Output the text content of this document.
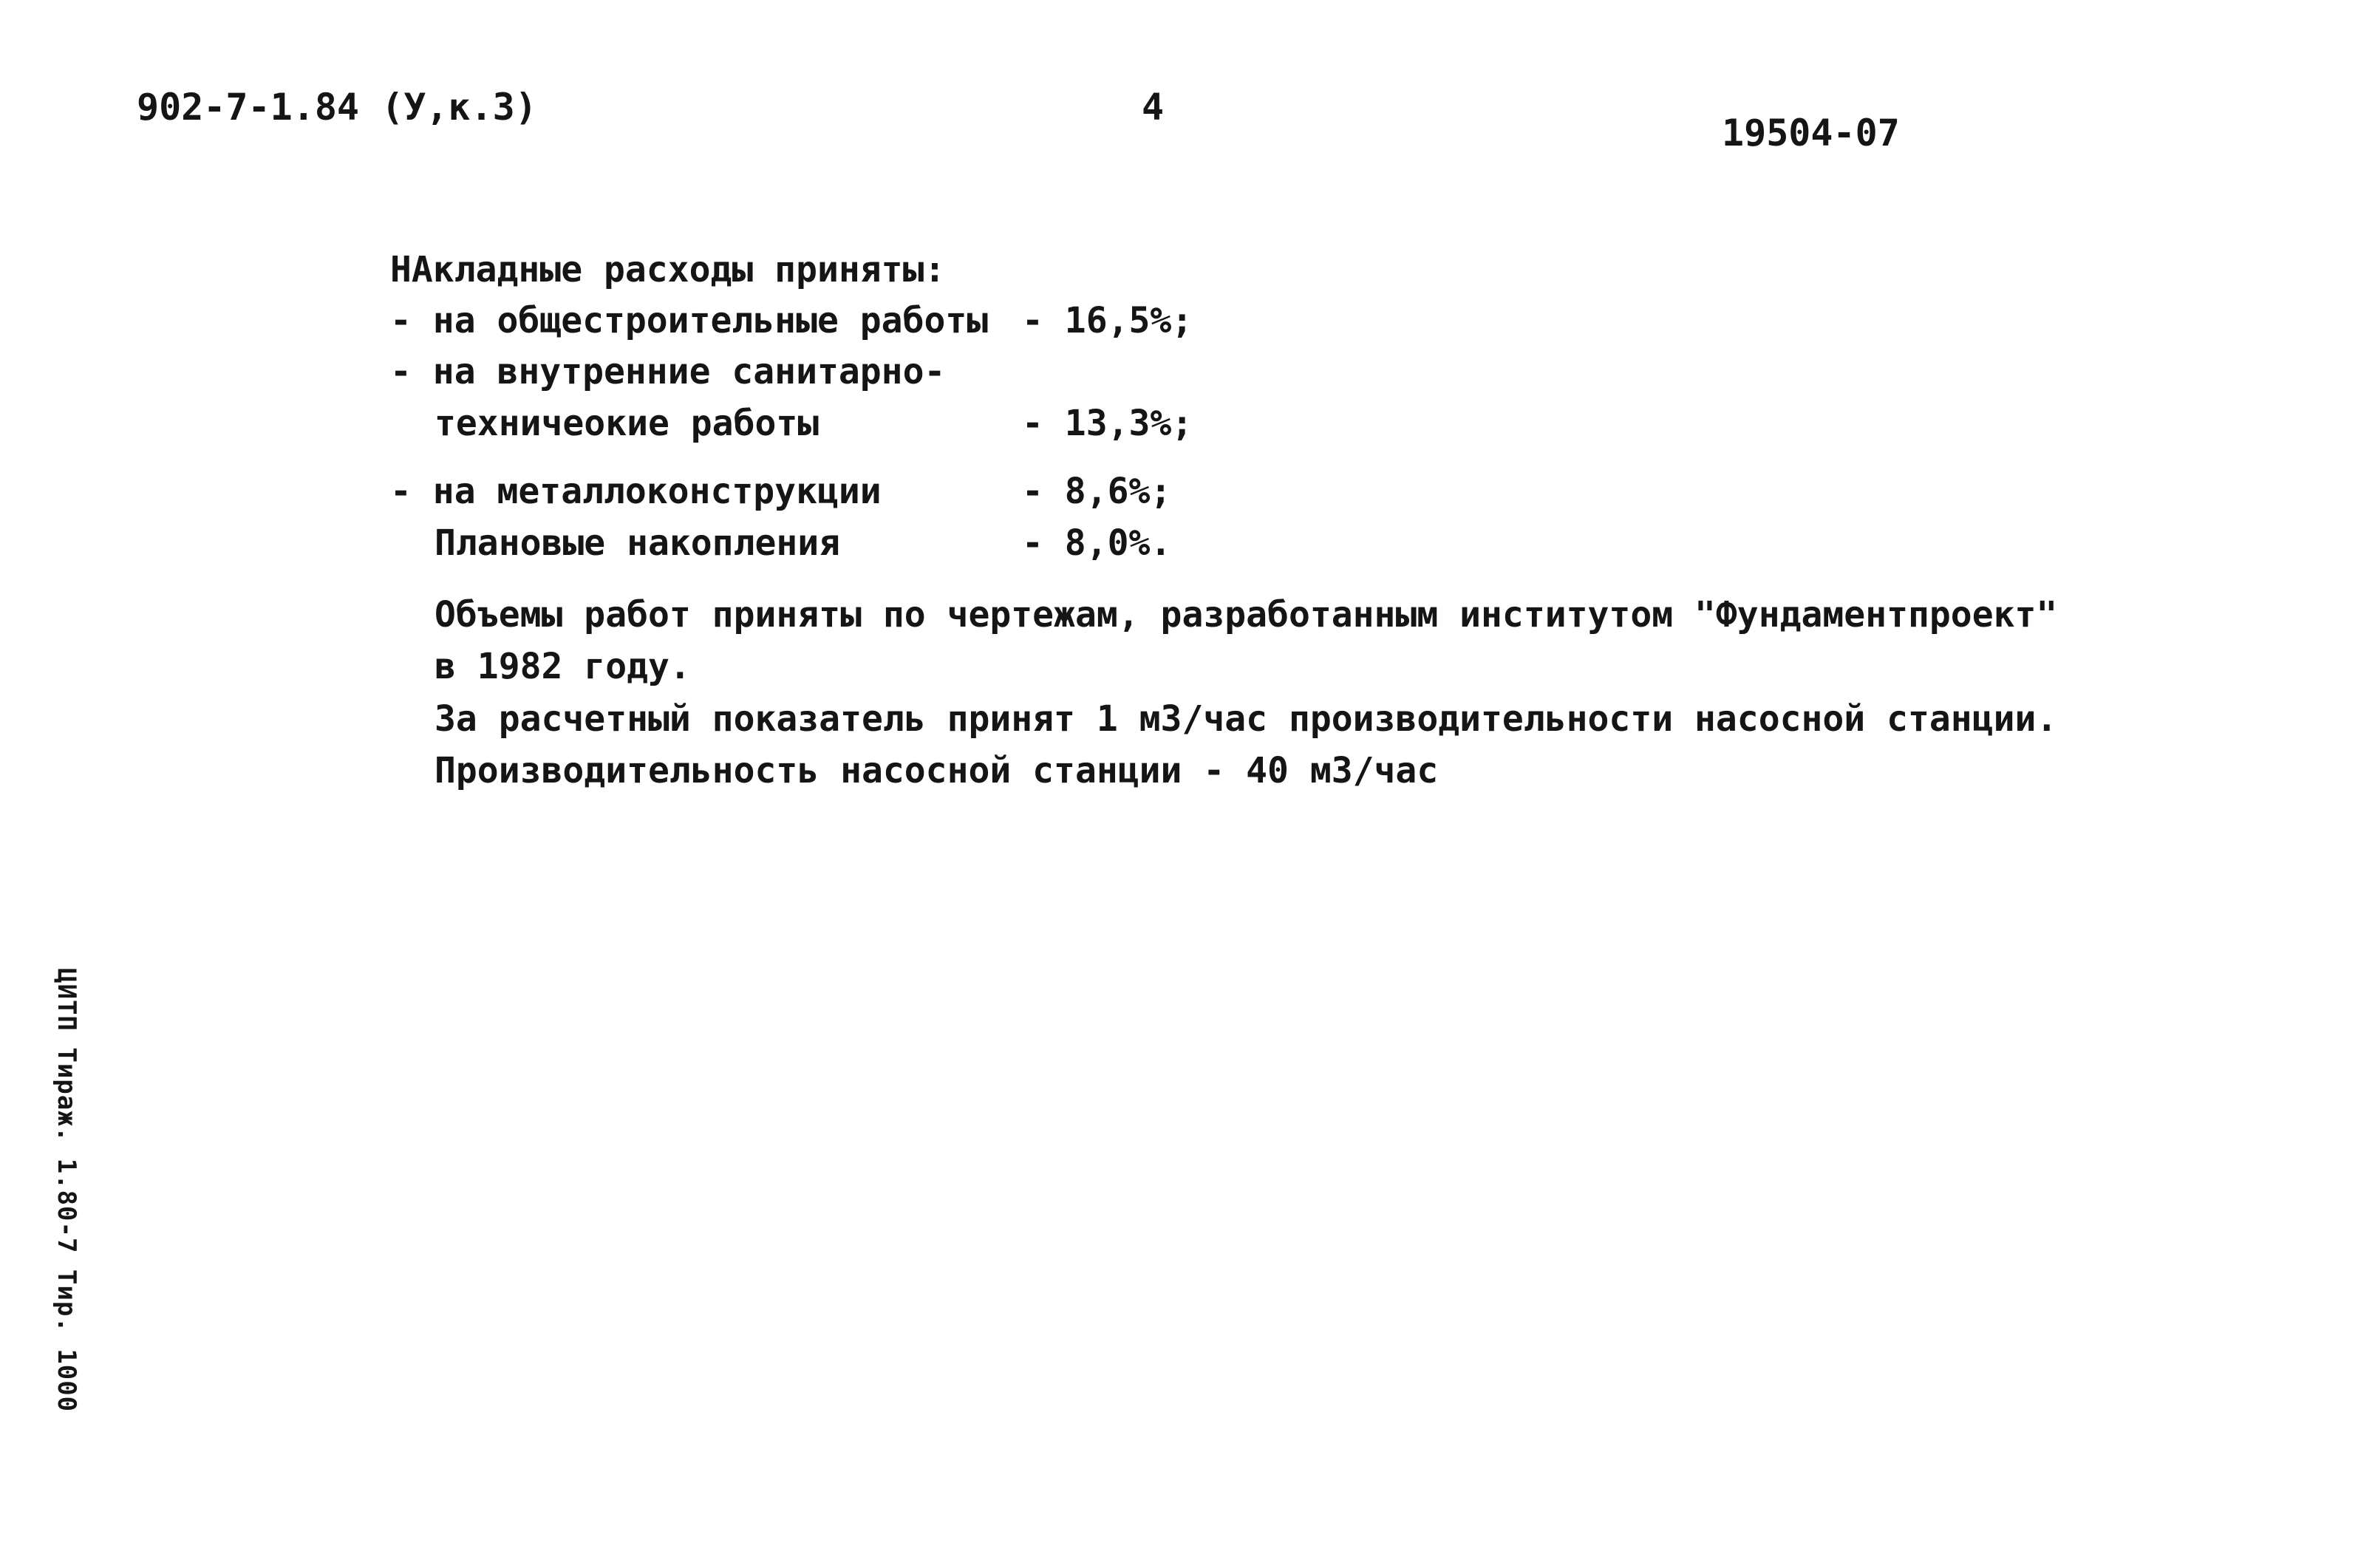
902-7-1.84 (У,к.3)	4
19504-07
НАкладные расходы приняты:
- на общестроительные работы - 16,5%;
- на внутренние санитарно-
техничеокие работы	- 13,3%;
- на металлоконструкции	- 8,6%;
Плановые накопления	- 8,0%.
Объемы работ приняты по чертежам, разработанным институтом "Фундаментпроект"
в 1982 году.
За расчетный показатель принят 1 м3/час производительности насосной станции.
Производительность насосной станции - 40 м3/час
ЦИТП Тираж. 1.80-7 Тир. 1000
